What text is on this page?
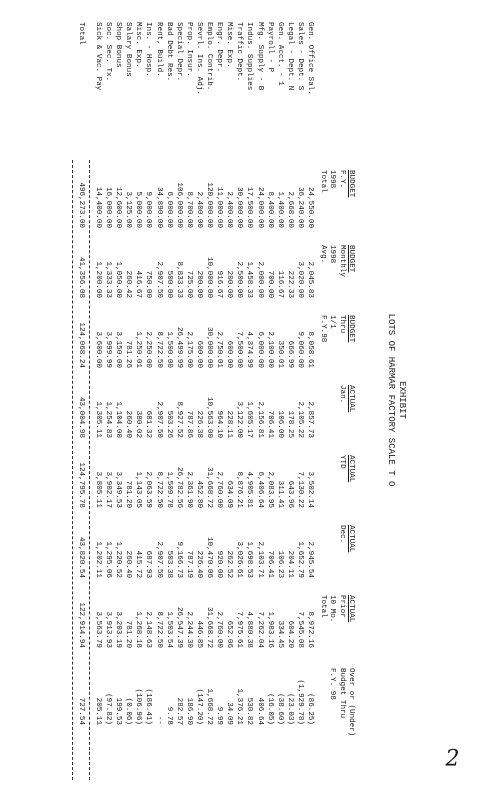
EXHIBIT
LOTS OF HARMAR FACTORY SCALE T O
BUDGET
F.Y.
1998
Total
BUDGET
Monthly
1998
Avg.
BUDGET
Thru
1/1
F.Y.98
ACTUAL
Jan.
ACTUAL
YTD
ACTUAL
Dec.
ACTUAL
Prior
10 Mo.
Total
Over or (Under)
Budget Thru
F.Y. 98
Gen. Office Sal.
Sales - Dept. S
Legal - Dept. N
Gen. Acct. - 1
Payroll - P
Mfg. Supply - B
Indus. Supplies
Traffic Dept.
Mise. Exp.
Engr. Depr.
Emplo. Contrib.
Sevrl. Ins. Adj.
Prop. Insur.
Special Depr.
Bad Debt Res.
Rent, Build.
Ins. - Hosp.
Misc. Exp.
Salary Bonus
Shop Bonus
Soc. Sec. Tx.
Sick & Vac. Pay
24,550.00
36,240.00
2,668.00
1,400.00
8,400.00
24,000.00
17,500.00
30,000.00
2,400.00
11,000.00
120,000.00
2,400.00
8,700.00
106,000.00
6,000.00
34,890.00
9,000.00
5,000.00
3,125.00
12,600.00
16,000.00
14,400.00
2,045.83
3,020.00
222.33
116.67
700.00
2,000.00
1,458.33
2,500.00
200.00
916.67
10,000.00
200.00
725.00
8,833.33
500.00
2,907.50
750.00
416.67
260.42
1,050.00
1,333.33
1,200.00
8,058.61
9,060.00
666.99
350.01
2,100.00
6,000.00
4,374.99
7,500.00
600.00
2,750.01
30,000.00
600.00
2,175.00
26,499.99
1,500.00
8,722.50
2,250.00
1,250.01
781.26
3,150.00
3,999.99
3,600.00
2,857.73
2,105.22
178.25
106.00
706.41
2,156.81
1,605.17
3,122.00
228.11
964.10
10,563.00
226.38
787.86
8,927.52
503.26
2,907.50
681.32
380.02
260.40
1,104.00
1,254.83
1,305.11
3,502.14
7,130.22
643.96
311.41
2,083.95
6,406.64
4,905.81
8,876.21
634.09
2,760.00
31,668.72
452.80
2,361.90
26,782.56
1,509.78
8,722.50
2,063.59
1,143.05
781.20
3,349.53
3,902.17
3,805.11
2,945.54
1,652.79
204.11
106.23
706.41
2,103.71
1,698.53
3,026.61
262.52
920.00
10,470.06
226.40
787.19
9,166.73
503.38
2,907.50
687.93
415.72
260.40
1,220.52
1,295.06
1,202.11
8,972.16
7,545.08
604.20
334.45
1,983.16
7,262.04
4,880.38
7,975.61
652.06
2,760.00
31,668.72
446.85
2,244.30
26,547.39
1,503.54
8,722.50
2,148.63
1,268.18
781.20
3,203.19
3,913.93
3,563.79
(86.25)
(1,929.78)
(23.03)
(38.60)
(16.05)
406.64
530.82
1,376.21
34.09
9.99
1,668.72
(147.20)
186.90
282.57
9.78
--
(186.41)
(106.96)
(0.06)
199.53
(97.82)
205.11
Total
496,273.00
41,356.08
124,068.24
43,004.98
124,795.78
43,820.54
122,914.94
727.54
2
